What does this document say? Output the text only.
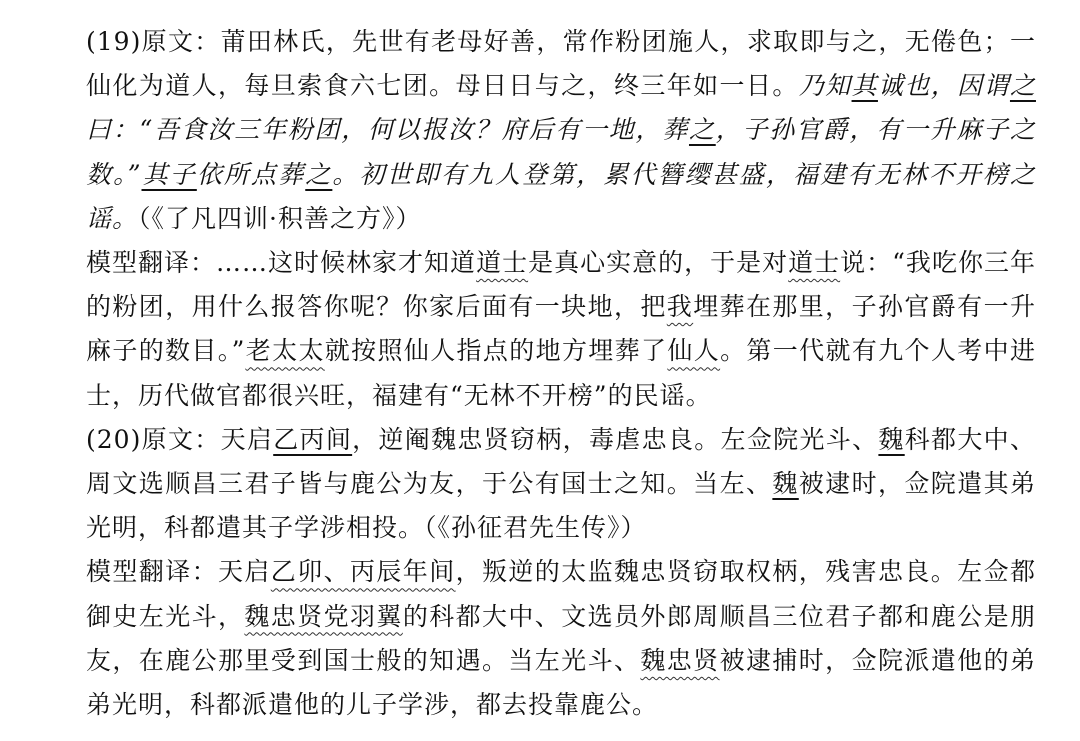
(19)原文：莆田林氏，先世有老母好善，常作粉团施人，求取即与之，无倦色；一仙化为道人，每旦索食六七团。母日日与之，终三年如一日。乃知其诚也，因谓之曰：“吾食汝三年粉团，何以报汝？府后有一地，葬之，子孙官爵，有一升麻子之数。”其子依所点葬之。初世即有九人登第，累代簪缨甚盛，福建有无林不开榜之谣。（《了凡四训·积善之方》）

模型翻译：……这时候林家才知道道士是真心实意的，于是对道士说：“我吃你三年的粉团，用什么报答你呢？你家后面有一块地，把我埋葬在那里，子孙官爵有一升麻子的数目。”老太太就按照仙人指点的地方埋葬了仙人。第一代就有九个人考中进士，历代做官都很兴旺，福建有“无林不开榜”的民谣。

(20)原文：天启乙丙间，逆阉魏忠贤窃柄，毒虐忠良。左佥院光斗、魏科都大中、周文选顺昌三君子皆与鹿公为友，于公有国士之知。当左、魏被逮时，佥院遣其弟光明，科都遣其子学涉相投。（《孙征君先生传》）

模型翻译：天启乙卯、丙辰年间，叛逆的太监魏忠贤窃取权柄，残害忠良。左佥都御史左光斗，魏忠贤党羽翼的科都大中、文选员外郎周顺昌三位君子都和鹿公是朋友，在鹿公那里受到国士般的知遇。当左光斗、魏忠贤被逮捕时，佥院派遣他的弟弟光明，科都派遣他的儿子学涉，都去投靠鹿公。
